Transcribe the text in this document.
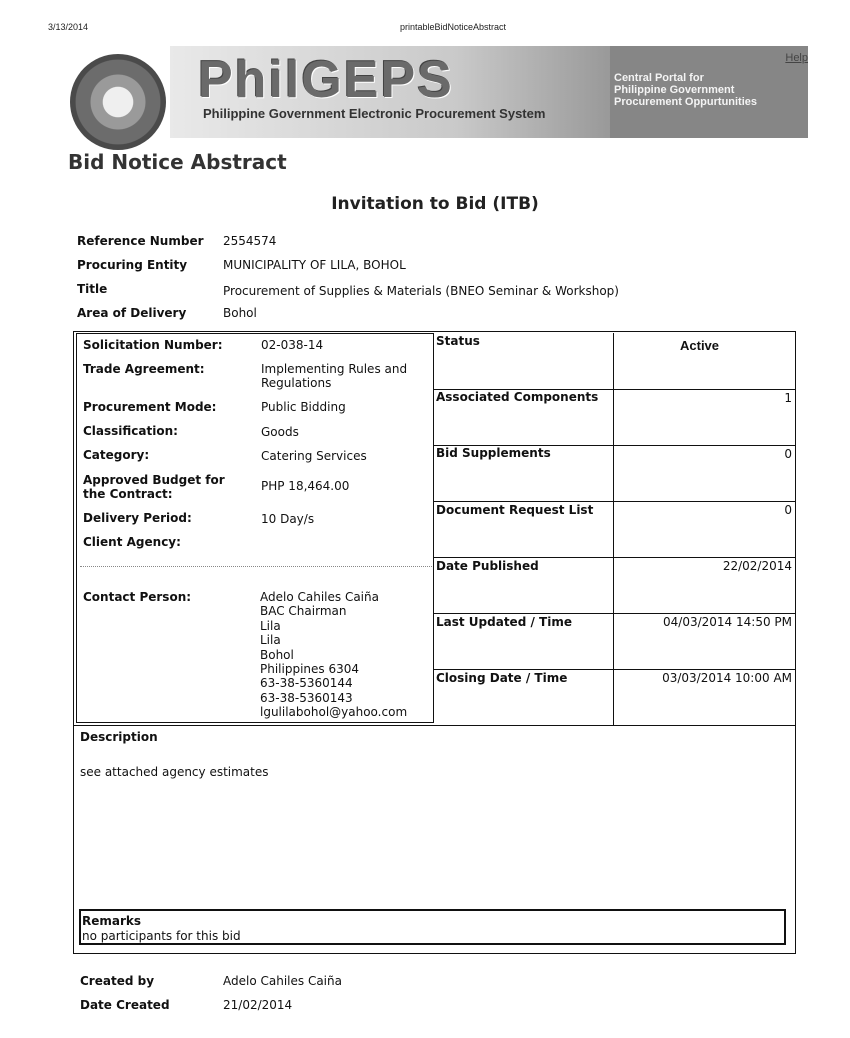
3/13/2014	printableBidNoticeAbstract
PhilGEPS
Philippine Government Electronic Procurement System
Central Portal for
Philippine Government
Procurement Oppurtunities
Help
Bid Notice Abstract
Invitation to Bid (ITB)
Reference Number 2554574
Procuring Entity	MUNICIPALITY OF LILA, BOHOL
Title	Procurement of Supplies & Materials (BNEO Seminar & Workshop)
Area of Delivery	Bohol
Solicitation Number:	02-038-14
Trade Agreement:	Implementing Rules and
Regulations
Procurement Mode:	Public Bidding
Classification:	Goods
Category:	Catering Services
Approved Budget for
the Contract:
PHP 18,464.00
Delivery Period:	10 Day/s
Client Agency:
Contact Person:	Adelo Cahiles Caiña
BAC Chairman
Lila
Lila
Bohol
Philippines 6304
63-38-5360144
63-38-5360143
lgulilabohol@yahoo.com
Status	Active
Associated Components	1
Bid Supplements	0
Document Request List	0
Date Published	22/02/2014
Last Updated / Time	04/03/2014 14:50 PM
Closing Date / Time	03/03/2014 10:00 AM
Description
see attached agency estimates
Remarks
no participants for this bid
Created by	Adelo Cahiles Caiña
Date Created	21/02/2014
